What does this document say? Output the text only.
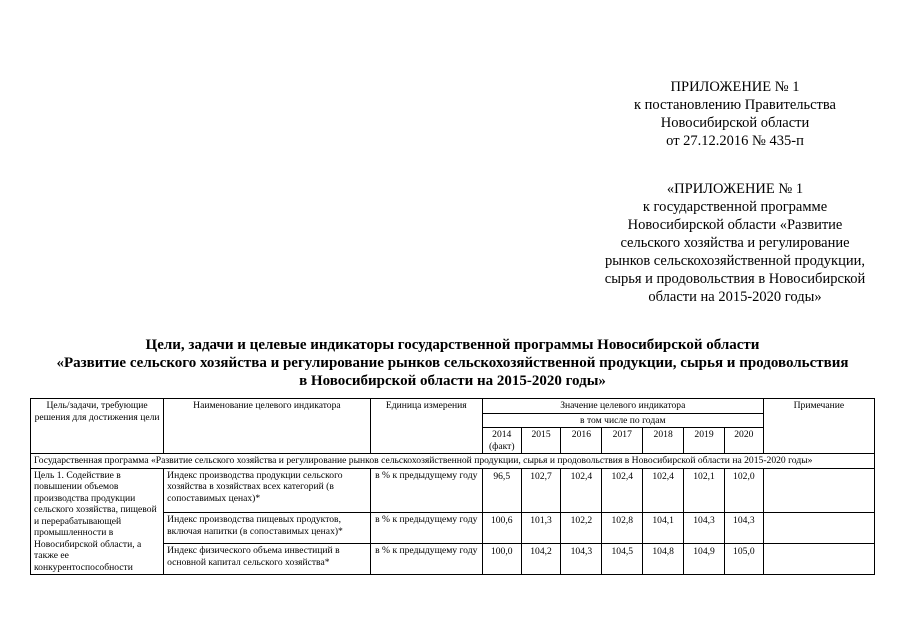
ПРИЛОЖЕНИЕ № 1
к постановлению Правительства
Новосибирской области
от 27.12.2016 № 435-п
«ПРИЛОЖЕНИЕ № 1
к государственной программе
Новосибирской области «Развитие
сельского хозяйства и регулирование
рынков сельскохозяйственной продукции,
сырья и продовольствия в Новосибирской
области на 2015-2020 годы»
Цели, задачи и целевые индикаторы государственной программы Новосибирской области
«Развитие сельского хозяйства и регулирование рынков сельскохозяйственной продукции, сырья и продовольствия
в Новосибирской области на 2015-2020 годы»
Цель/задачи, требующие решения для достижения цели	Наименование целевого индикатора	Единица измерения	Значение целевого индикатора							Примечание
			в том числе по годам							
			2014 (факт)	2015	2016	2017	2018	2019	2020	
Государственная программа «Развитие сельского хозяйства и регулирование рынков сельскохозяйственной продукции, сырья и продовольствия в Новосибирской области на 2015-2020 годы»										
Цель 1. Содействие в повышении объемов производства продукции сельского хозяйства, пищевой и перерабатывающей промышленности в Новосибирской области, а также ее конкурентоспособности	Индекс производства продукции сельского хозяйства в хозяйствах всех категорий (в сопоставимых ценах)*	в % к предыдущему году	96,5	102,7	102,4	102,4	102,4	102,1	102,0	
	Индекс производства пищевых продуктов, включая напитки (в сопоставимых ценах)*	в % к предыдущему году	100,6	101,3	102,2	102,8	104,1	104,3	104,3	
	Индекс физического объема инвестиций в основной капитал сельского хозяйства*	в % к предыдущему году	100,0	104,2	104,3	104,5	104,8	104,9	105,0	
